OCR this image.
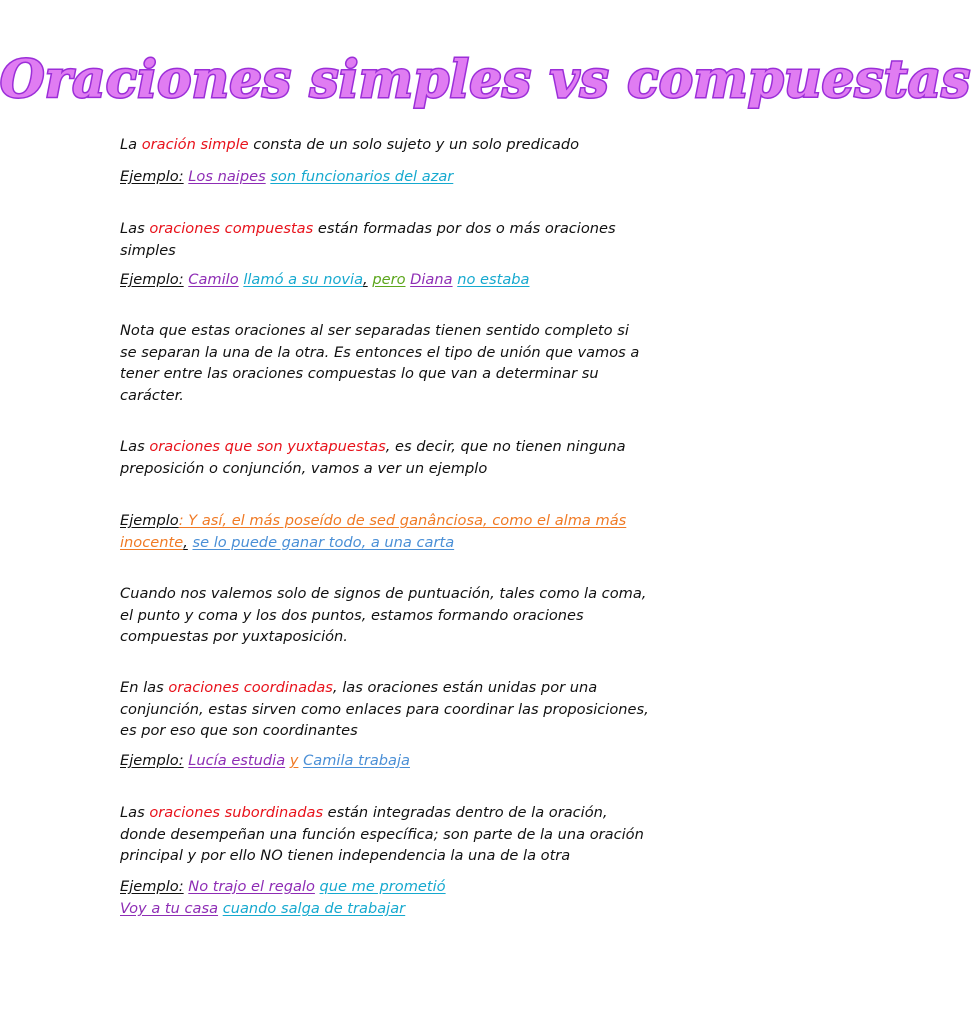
Oraciones simples vs compuestas

La oración simple consta de un solo sujeto y un solo predicado

Ejemplo: Los naipes son funcionarios del azar

Las oraciones compuestas están formadas por dos o más oraciones simples

Ejemplo: Camilo llamó a su novia, pero Diana no estaba

Nota que estas oraciones al ser separadas tienen sentido completo si se separan la una de la otra. Es entonces el tipo de unión que vamos a tener entre las oraciones compuestas lo que van a determinar su carácter.

Las oraciones que son yuxtapuestas, es decir, que no tienen ninguna preposición o conjunción, vamos a ver un ejemplo

Ejemplo: Y así, el más poseído de sed ganânciosa, como el alma más inocente, se lo puede ganar todo, a una carta

Cuando nos valemos solo de signos de puntuación, tales como la coma, el punto y coma y los dos puntos, estamos formando oraciones compuestas por yuxtaposición.

En las oraciones coordinadas, las oraciones están unidas por una conjunción, estas sirven como enlaces para coordinar las proposiciones, es por eso que son coordinantes

Ejemplo: Lucía estudia y Camila trabaja

Las oraciones subordinadas están integradas dentro de la oración, donde desempeñan una función específica; son parte de la una oración principal y por ello NO tienen independencia la una de la otra

Ejemplo: No trajo el regalo que me prometió

Voy a tu casa cuando salga de trabajar
